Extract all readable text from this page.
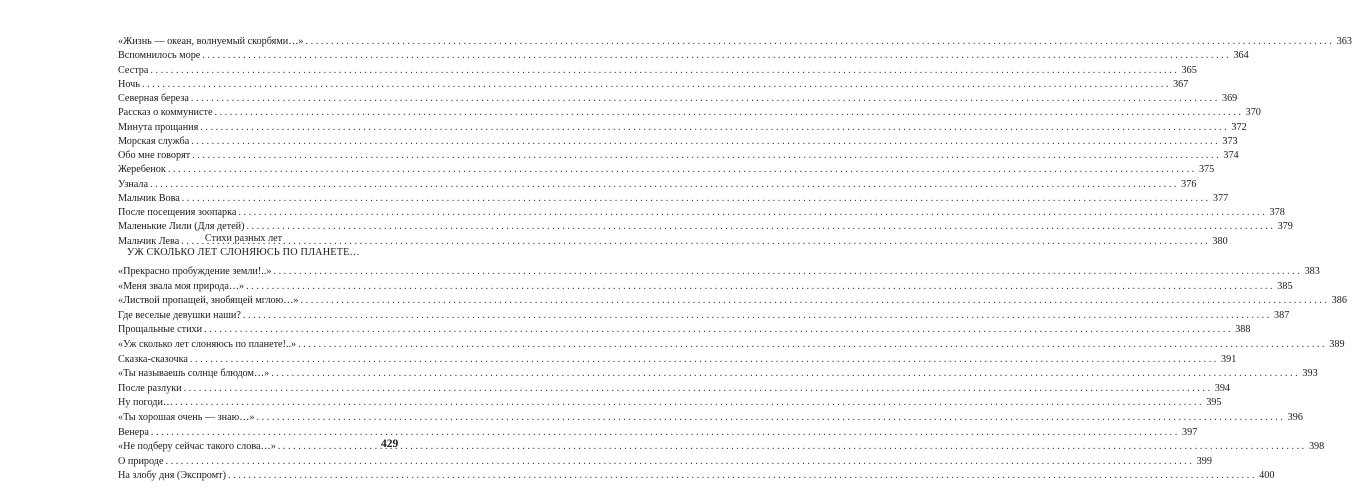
«Жизнь — океан, волнуемый скорбями…» . . .	363
Вспомнилось море . . .	364
Сестра . . .	365
Ночь . . .	367
Северная береза . . .	369
Рассказ о коммунисте . . .	370
Минута прощания . . .	372
Морская служба . . .	373
Обо мне говорят . . .	374
Жеребенок . . .	375
Узнала . . .	376
Мальчик Вова . . .	377
После посещения зоопарка . . .	378
Маленькие Лили (Для детей) . . .	379
Мальчик Лева . . .	380
Стихи разных лет
УЖ СКОЛЬКО ЛЕТ СЛОНЯЮСЬ ПО ПЛАНЕТЕ…
«Прекрасно пробуждение земли!..» . . .	383
«Меня звала моя природа…» . . .	385
«Листвой пропащей, знобящей мглою…» . . .	386
Где веселые девушки наши? . . .	387
Прощальные стихи . . .	388
«Уж сколько лет слоняюсь по планете!..» . . .	389
Сказка-сказочка . . .	391
«Ты называешь солнце блюдом…» . . .	393
После разлуки . . .	394
Ну погоди… . . .	395
«Ты хорошая очень — знаю…» . . .	396
Венера . . .	397
«Не подберу сейчас такого слова…» . . .	398
О природе . . .	399
На злобу дня (Экспромт) . . .	400
429
